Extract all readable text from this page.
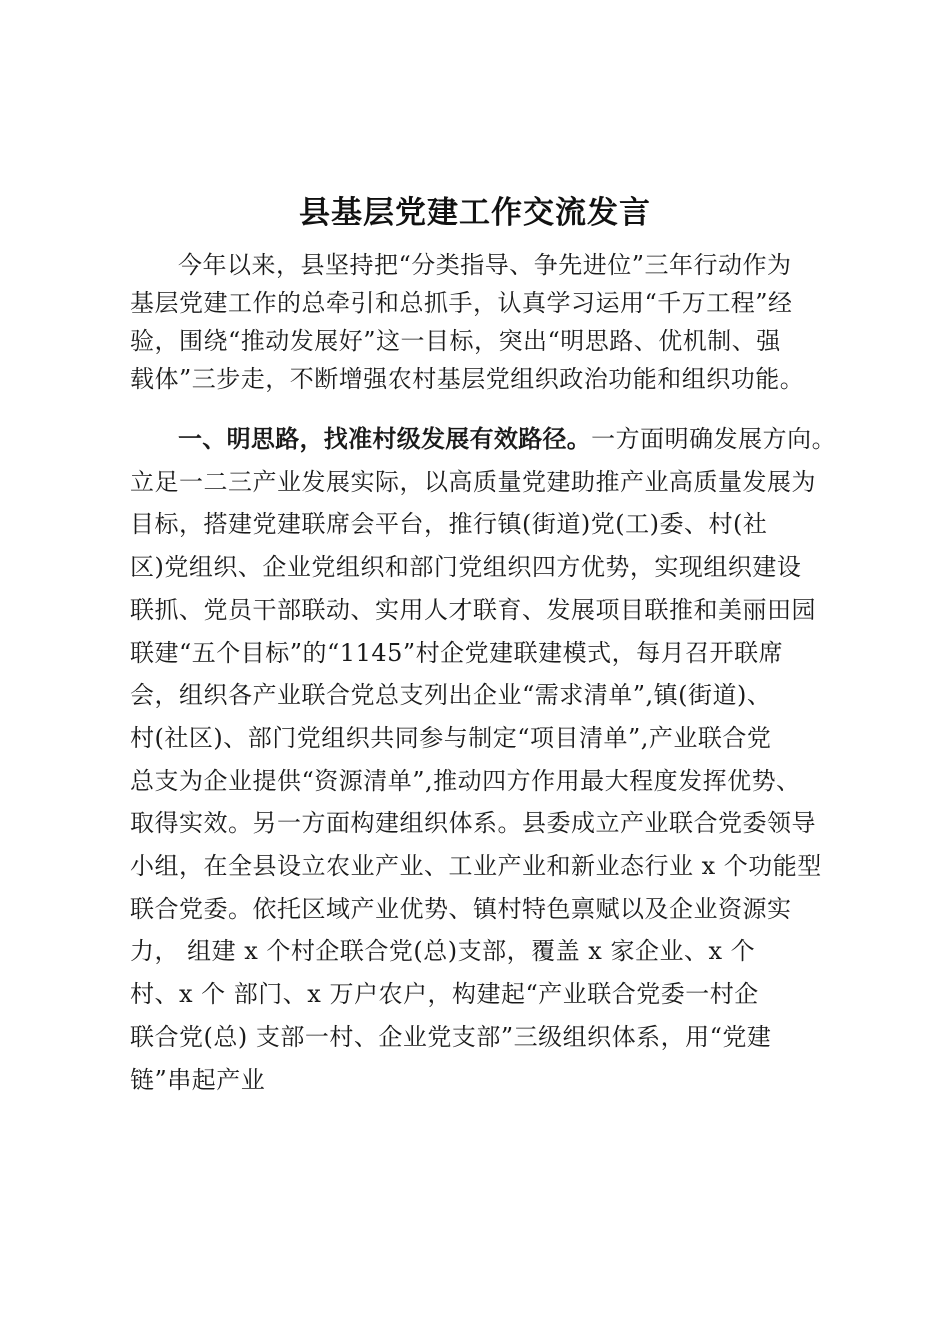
县基层党建工作交流发言
今年以来，县坚持把“分类指导、争先进位”三年行动作为
基层党建工作的总牵引和总抓手，认真学习运用“千万工程”经
验，围绕“推动发展好”这一目标，突出“明思路、优机制、强
载体”三步走，不断增强农村基层党组织政治功能和组织功能。
一、明思路，找准村级发展有效路径。一方面明确发展方向。
立足一二三产业发展实际，以高质量党建助推产业高质量发展为
目标，搭建党建联席会平台，推行镇(街道)党(工)委、村(社
区)党组织、企业党组织和部门党组织四方优势，实现组织建设
联抓、党员干部联动、实用人才联育、发展项目联推和美丽田园
联建“五个目标”的“1145”村企党建联建模式，每月召开联席
会，组织各产业联合党总支列出企业“需求清单”,镇(街道)、
村(社区)、部门党组织共同参与制定“项目清单”,产业联合党
总支为企业提供“资源清单”,推动四方作用最大程度发挥优势、
取得实效。另一方面构建组织体系。县委成立产业联合党委领导
小组，在全县设立农业产业、工业产业和新业态行业 x 个功能型
联合党委。依托区域产业优势、镇村特色禀赋以及企业资源实
力， 组建 x 个村企联合党(总)支部，覆盖 x 家企业、x 个
村、x 个 部门、x 万户农户，构建起“产业联合党委一村企
联合党(总) 支部一村、企业党支部”三级组织体系，用“党建
链”串起产业
